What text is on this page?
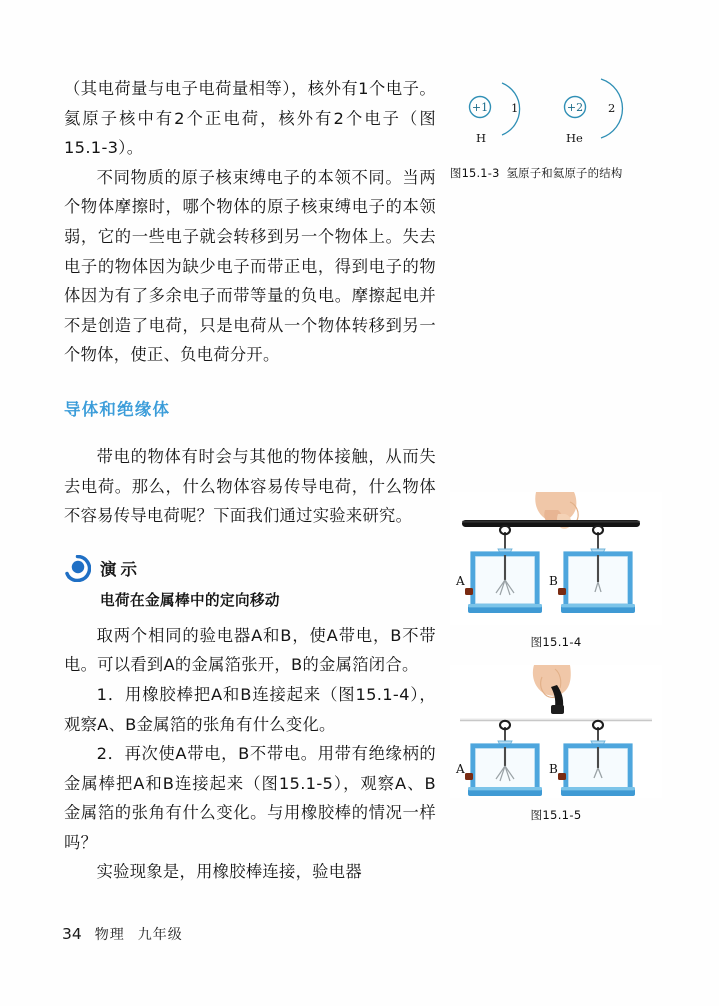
（其电荷量与电子电荷量相等），核外有1个电子。氦原子核中有2个正电荷，核外有2个电子（图15.1-3）。

不同物质的原子核束缚电子的本领不同。当两个物体摩擦时，哪个物体的原子核束缚电子的本领弱，它的一些电子就会转移到另一个物体上。失去电子的物体因为缺少电子而带正电，得到电子的物体因为有了多余电子而带等量的负电。摩擦起电并不是创造了电荷，只是电荷从一个物体转移到另一个物体，使正、负电荷分开。

导体和绝缘体

带电的物体有时会与其他的物体接触，从而失去电荷。那么，什么物体容易传导电荷，什么物体不容易传导电荷呢？下面我们通过实验来研究。

演示

电荷在金属棒中的定向移动

取两个相同的验电器A和B，使A带电，B不带电。可以看到A的金属箔张开，B的金属箔闭合。

1．用橡胶棒把A和B连接起来（图15.1-4），观察A、B金属箔的张角有什么变化。

2．再次使A带电，B不带电。用带有绝缘柄的金属棒把A和B连接起来（图15.1-5），观察A、B金属箔的张角有什么变化。与用橡胶棒的情况一样吗？

实验现象是，用橡胶棒连接，验电器

+1 1
H
+2 2
He
图15.1-3 氢原子和氦原子的结构
A	B
图15.1-4
A	B
图15.1-5
34 物理 九年级
